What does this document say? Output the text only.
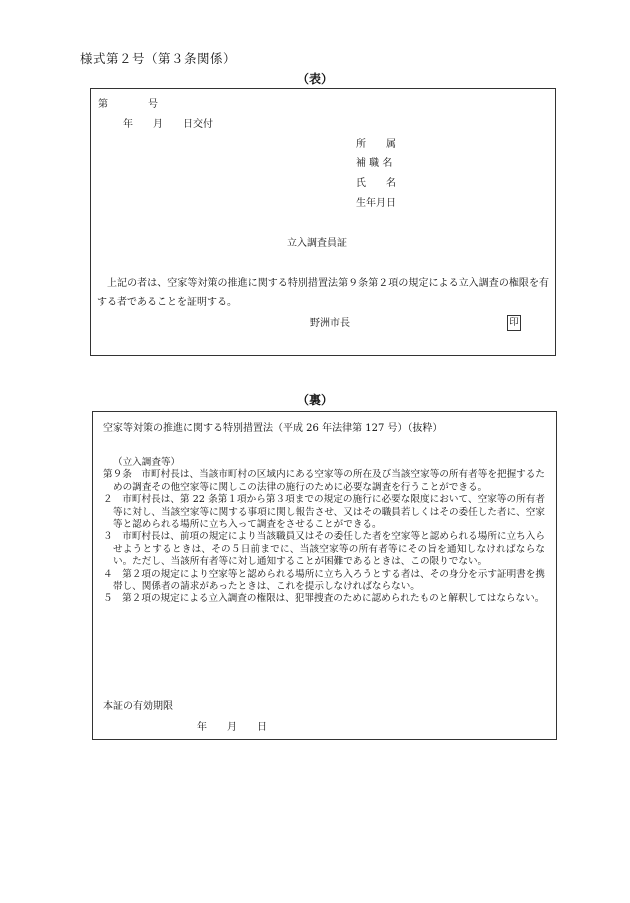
様式第２号（第３条関係）
（表）
第　　　　号
年　　月　　日交付
所　　属
補 職 名
氏　　名
生年月日
立入調査員証
上記の者は、空家等対策の推進に関する特別措置法第９条第２項の規定による立入調査の権限を有する者であることを証明する。
野洲市長	印
（裏）
空家等対策の推進に関する特別措置法（平成 26 年法律第 127 号）（抜粋）
（立入調査等）
第９条　市町村長は、当該市町村の区域内にある空家等の所在及び当該空家等の所有者等を把握するための調査その他空家等に関しこの法律の施行のために必要な調査を行うことができる。
２　市町村長は、第 22 条第１項から第３項までの規定の施行に必要な限度において、空家等の所有者等に対し、当該空家等に関する事項に関し報告させ、又はその職員若しくはその委任した者に、空家等と認められる場所に立ち入って調査をさせることができる。
３　市町村長は、前項の規定により当該職員又はその委任した者を空家等と認められる場所に立ち入らせようとするときは、その５日前までに、当該空家等の所有者等にその旨を通知しなければならない。ただし、当該所有者等に対し通知することが困難であるときは、この限りでない。
４　第２項の規定により空家等と認められる場所に立ち入ろうとする者は、その身分を示す証明書を携帯し、関係者の請求があったときは、これを提示しなければならない。
５　第２項の規定による立入調査の権限は、犯罪捜査のために認められたものと解釈してはならない。
本証の有効期限
年　　月　　日
